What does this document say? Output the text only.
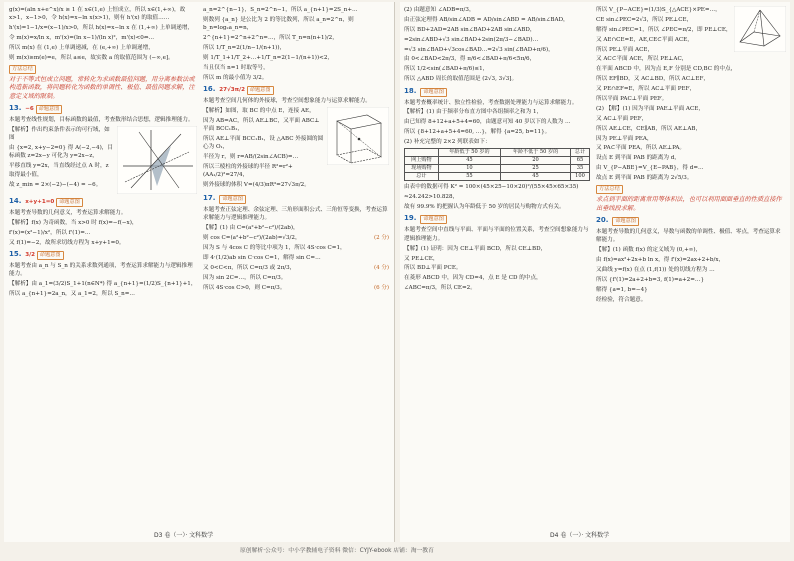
g(x)=(aln x+e^x)/x ≥ 1 在 x∈(1,e) 上恒成立，所以 x∈(1,+∞)，故 x>1，x−1>0，令 h(x)=x−ln x(x>1)，则有 h'(x) 的取值……

h'(x)=1−1/x=(x−1)/x>0，所以 h(x)=x−ln x 在 (1,+∞) 上单调递增，

令 m(x)=x/ln x，m'(x)=(ln x−1)/(ln x)²，m'(x)<0⇔…

所以 m(x) 在 (1,e) 上单调递减，在 (e,+∞) 上单调递增，

则 m(x)≥m(e)=e，所以 a≤e，故实数 a 的取值范围为 (−∞,e]。

方法总结

对于不等式恒成立问题，常转化为求函数最值问题，用分离参数法或构造新函数，将问题转化为函数的单调性、极值、最值问题求解，注意定义域的限制。

13. −6 命题意图

本题考查线性规划，目标函数的最值，考查数形结合思想，逻辑推理能力。

【解析】作出约束条件表示的可行域，如图

由 {x=2, x+y−2=0} 得 A(−2,−4)，目标函数 z=2x−y 可化为 y=2x−z，

平移直线 y=2x，当直线经过点 A 时，z 取得最小值，

故 z_min = 2×(−2)−(−4) = −6。

14. x+y+1=0 命题意图

本题考查导数的几何意义，考查运算求解能力。

【解析】f(x) 为奇函数，当 x>0 时 f(x)=−f(−x)，

f'(x)=(x²−1)/x²，所以 f'(1)=…

又 f(1)=−2，故所求切线方程为 x+y+1=0。

15. 3/2 命题意图

本题考查由 a_n 与 S_n 的关系求数列通项，考查运算求解能力与逻辑推理能力。

【解析】由 a_1=(3/2)S_1+1(n∈N*) 得 a_{n+1}=(1/2)S_{n+1}+1，

所以 a_{n+1}=2a_n，又 a_1=2，所以 S_n=…

a_n=2^{n−1}，S_n=2^n−1，所以 a_{n+1}=2S_n+…

则数列 {a_n} 是公比为 2 的等比数列，所以 a_n=2^n，则 b_n=log₂a_n=n，

2^{n+1}=2^n+2^n=…，所以 T_n=n(n+1)/2，

所以 1/T_n=2(1/n−1/(n+1))，

则 1/T_1+1/T_2+…+1/T_n=2(1−1/(n+1))<2，

当且仅当 n=1 时取等号，

所以 m 的最小值为 3/2。

16. 27√3π/2 命题意图

本题考查空间几何体的外接球，考查空间想象能力与运算求解能力。

【解析】如图，取 BC 的中点 E，连接 AE，

因为 AB=AC，所以 AE⊥BC，又平面 ABC⊥平面 BCC₁B₁，

所以 AE⊥平面 BCC₁B₁，设 △ABC 外接圆的圆心为 O₁，

半径为 r，则 r=AB/(2sin∠ACB)=…

所以三棱柱的外接球的半径 R²=r²+(AA₁/2)²=27/4，

则外接球的体积 V=(4/3)πR³=27√3π/2。

17. 命题意图

本题考查正弦定理、余弦定理、三角形面积公式、三角恒等变换，考查运算求解能力与逻辑推理能力。

【解】(1) 由 C=(a²+b²−c²)/(2ab)，

(2 分)
则 cos C=(a²+b²−c²)/(2ab)=√3/2，

因为 S 与 4cos C 的等比中项为 1，所以 4S·cos C=1，

即 4·(1/2)ab sin C·cos C=1，解得 sin C=…

(4 分)
又 0<C<π，所以 C=π/3 或 2π/3，

因为 sin 2C=…，所以 C=π/3。

(6 分)
所以 4S·cos C>0，则 C=π/3。

D3 卷（一）· 文科数学

(2) 由题意知 ∠ADB=π/3，

由正弦定理得 AB/sin∠ADB = AD/sin∠ABD = AB/sin∠BAD，

所以 BD+2AD=2AB sin∠BAD+2AB sin∠ABD，

=2sin∠ABD+√3 sin∠BAD+2sin(2π/3−∠BAD)…

=√3 sin∠BAD+√3cos∠BAD…=2√3 sin(∠BAD+π/6)，

由 0<∠BAD<2π/3，得 π/6<∠BAD+π/6<5π/6，

所以 1/2<sin(∠BAD+π/6)≤1，

所以 △ABD 周长的取值范围是 (2√3, 3√3]。

18. 命题意图

本题考查概率统计、独立性检验，考查数据处理能力与运算求解能力。

【解析】(1) 由于频率分布直方图中各组频率之和为 1，

由已知得 8+12+a+5+4=60，由题意可知 40 岁以下的人数为 …

所以 {8+12+a+5+4=60, …}，解得 {a=25, b=11}。

(2) 补充完整的 2×2 列联表如下：

	年龄低于 50 岁的	年龄不低于 50 岁的	总计
网上购物	45	20	65
现场购物	10	25	35
总计	55	45	100

由表中的数据可得 K² = 100×(45×25−10×20)²/(55×45×65×35)

≈24.242>10.828，

故有 99.9% 的把握认为年龄低于 50 岁的居民与购物方式有关。

19. 命题意图

本题考查空间中直线与平面、平面与平面的位置关系，考查空间想象能力与逻辑推理能力。

【解】(1) 证明：因为 CE⊥平面 BCD，所以 CE⊥BD，

又 PE⊥CE，

所以 BD⊥平面 PCE。

在菱形 ABCD 中，因为 CD=4，点 E 是 CD 的中点，

∠ABC=π/3，所以 CE=2。

所以 V_{P−ACE}=(1/3)S_{△ACE}×PE=…，

CE sin∠PEC=2√3，所以 PE⊥CE，

解得 sin∠PEC=1，所以 ∠PEC=π/2，即 PE⊥CE，

又 AE∩CE=E，AE,CE⊂平面 ACE，

所以 PE⊥平面 ACE，

又 AC⊂平面 ACE，所以 PE⊥AC，

在平面 ABCD 中，因为点 E,F 分别是 CD,BC 的中点，

所以 EF∥BD，又 AC⊥BD，所以 AC⊥EF，

又 PE∩EF=E，所以 AC⊥平面 PEF，

所以平面 PAC⊥平面 PEF。

(2) 【解】(1) 因为平面 PAE⊥平面 ACE，

又 AC⊥平面 PEF，

所以 AE⊥CE，CE∥AB，所以 AE⊥AB，

因为 PE⊥平面 PEA，

又 PA⊂平面 PEA，所以 AE⊥PA。

设点 E 到平面 PAB 的距离为 d，

由 V_{P−ABE}=V_{E−PAB}，得 d=…

故点 E 到平面 PAB 的距离为 2√5/3。

方法总结

求点到平面的距离常用等体积法，也可以利用面面垂直的性质直接作出垂线段求解。

20. 命题意图

本题考查导数的几何意义，导数与函数的单调性、极值、零点，考查运算求解能力。

【解】(1) 函数 f(x) 的定义域为 (0,+∞)，

由 f(x)=ax²+2x+b ln x，得 f'(x)=2ax+2+b/x，

又曲线 y=f(x) 在点 (1,f(1)) 处的切线方程为 …

所以 {f'(1)=2a+2+b=3, f(1)=a+2=…}

解得 {a=1, b=−4}

经检验，符合题意。

D4 卷（一）· 文科数学
原创解析·公众号：中小学教辅电子资料 微信：CYJY-ebook 店铺：淘一教育
